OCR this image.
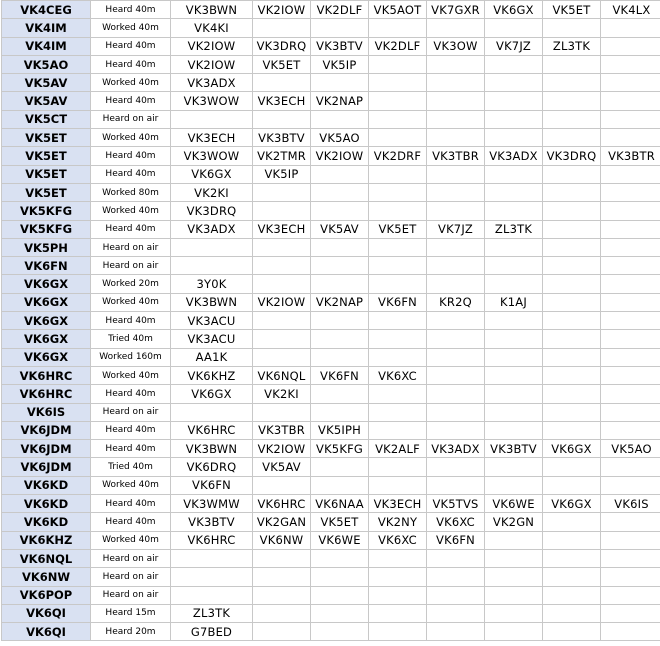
VK4CEG	Heard 40m	VK3BWN	VK2IOW	VK2DLF	VK5AOT	VK7GXR	VK6GX	VK5ET	VK4LX
VK4IM	Worked 40m	VK4KI							
VK4IM	Heard 40m	VK2IOW	VK3DRQ	VK3BTV	VK2DLF	VK3OW	VK7JZ	ZL3TK	
VK5AO	Heard 40m	VK2IOW	VK5ET	VK5IP					
VK5AV	Worked 40m	VK3ADX							
VK5AV	Heard 40m	VK3WOW	VK3ECH	VK2NAP					
VK5CT	Heard on air								
VK5ET	Worked 40m	VK3ECH	VK3BTV	VK5AO					
VK5ET	Heard 40m	VK3WOW	VK2TMR	VK2IOW	VK2DRF	VK3TBR	VK3ADX	VK3DRQ	VK3BTR
VK5ET	Heard 40m	VK6GX	VK5IP						
VK5ET	Worked 80m	VK2KI							
VK5KFG	Worked 40m	VK3DRQ							
VK5KFG	Heard 40m	VK3ADX	VK3ECH	VK5AV	VK5ET	VK7JZ	ZL3TK		
VK5PH	Heard on air								
VK6FN	Heard on air								
VK6GX	Worked 20m	3Y0K							
VK6GX	Worked 40m	VK3BWN	VK2IOW	VK2NAP	VK6FN	KR2Q	K1AJ		
VK6GX	Heard 40m	VK3ACU							
VK6GX	Tried 40m	VK3ACU							
VK6GX	Worked 160m	AA1K							
VK6HRC	Worked 40m	VK6KHZ	VK6NQL	VK6FN	VK6XC				
VK6HRC	Heard 40m	VK6GX	VK2KI						
VK6IS	Heard on air								
VK6JDM	Heard 40m	VK6HRC	VK3TBR	VK5IPH					
VK6JDM	Heard 40m	VK3BWN	VK2IOW	VK5KFG	VK2ALF	VK3ADX	VK3BTV	VK6GX	VK5AO
VK6JDM	Tried 40m	VK6DRQ	VK5AV						
VK6KD	Worked 40m	VK6FN							
VK6KD	Heard 40m	VK3WMW	VK6HRC	VK6NAA	VK3ECH	VK5TVS	VK6WE	VK6GX	VK6IS
VK6KD	Heard 40m	VK3BTV	VK2GAN	VK5ET	VK2NY	VK6XC	VK2GN		
VK6KHZ	Worked 40m	VK6HRC	VK6NW	VK6WE	VK6XC	VK6FN			
VK6NQL	Heard on air								
VK6NW	Heard on air								
VK6POP	Heard on air								
VK6QI	Heard 15m	ZL3TK							
VK6QI	Heard 20m	G7BED							
